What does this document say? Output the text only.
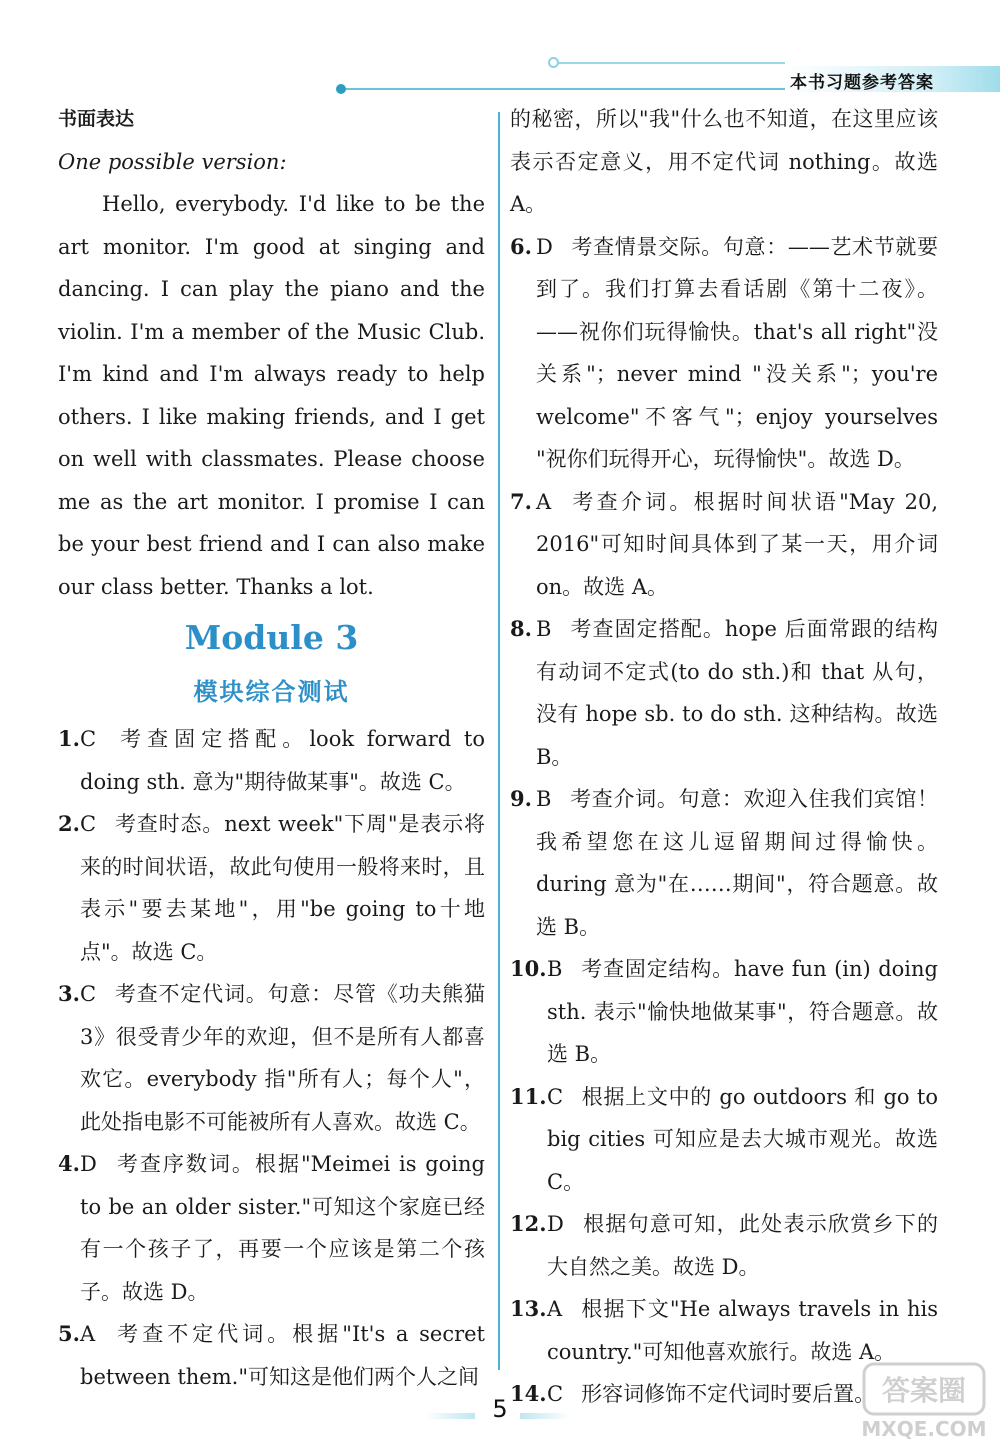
本书习题参考答案
书面表达
One possible version:

Hello, everybody. I'd like to be the art monitor. I'm good at singing and dancing. I can play the piano and the violin. I'm a member of the Music Club. I'm kind and I'm always ready to help others. I like making friends, and I get on well with classmates. Please choose me as the art monitor. I promise I can be your best friend and I can also make our class better. Thanks a lot.

Module 3
模块综合测试
1. C 考查固定搭配。look forward to doing sth. 意为"期待做某事"。故选 C。
2. C 考查时态。next week"下周"是表示将来的时间状语，故此句使用一般将来时，且表示"要去某地"，用"be going to十地点"。故选 C。
3. C 考查不定代词。句意：尽管《功夫熊猫3》很受青少年的欢迎，但不是所有人都喜欢它。everybody 指"所有人；每个人"，此处指电影不可能被所有人喜欢。故选 C。
4. D 考查序数词。根据"Meimei is going to be an older sister."可知这个家庭已经有一个孩子了，再要一个应该是第二个孩子。故选 D。
5. A 考查不定代词。根据"It's a secret between them."可知这是他们两个人之间
的秘密，所以"我"什么也不知道，在这里应该表示否定意义，用不定代词 nothing。故选 A。
6. D 考查情景交际。句意：——艺术节就要到了。我们打算去看话剧《第十二夜》。——祝你们玩得愉快。that's all right"没关系"；never mind "没关系"；you're welcome"不客气"；enjoy yourselves "祝你们玩得开心，玩得愉快"。故选 D。
7. A 考查介词。根据时间状语"May 20, 2016"可知时间具体到了某一天，用介词 on。故选 A。
8. B 考查固定搭配。hope 后面常跟的结构有动词不定式(to do sth.)和 that 从句，没有 hope sb. to do sth. 这种结构。故选 B。
9. B 考查介词。句意：欢迎入住我们宾馆！我希望您在这儿逗留期间过得愉快。during 意为"在……期间"，符合题意。故选 B。
10. B 考查固定结构。have fun (in) doing sth. 表示"愉快地做某事"，符合题意。故选 B。
11. C 根据上文中的 go outdoors 和 go to big cities 可知应是去大城市观光。故选 C。
12. D 根据句意可知，此处表示欣赏乡下的大自然之美。故选 D。
13. A 根据下文"He always travels in his country."可知他喜欢旅行。故选 A。
14. C 形容词修饰不定代词时要后置。
5
答案圈
MXQE.COM
